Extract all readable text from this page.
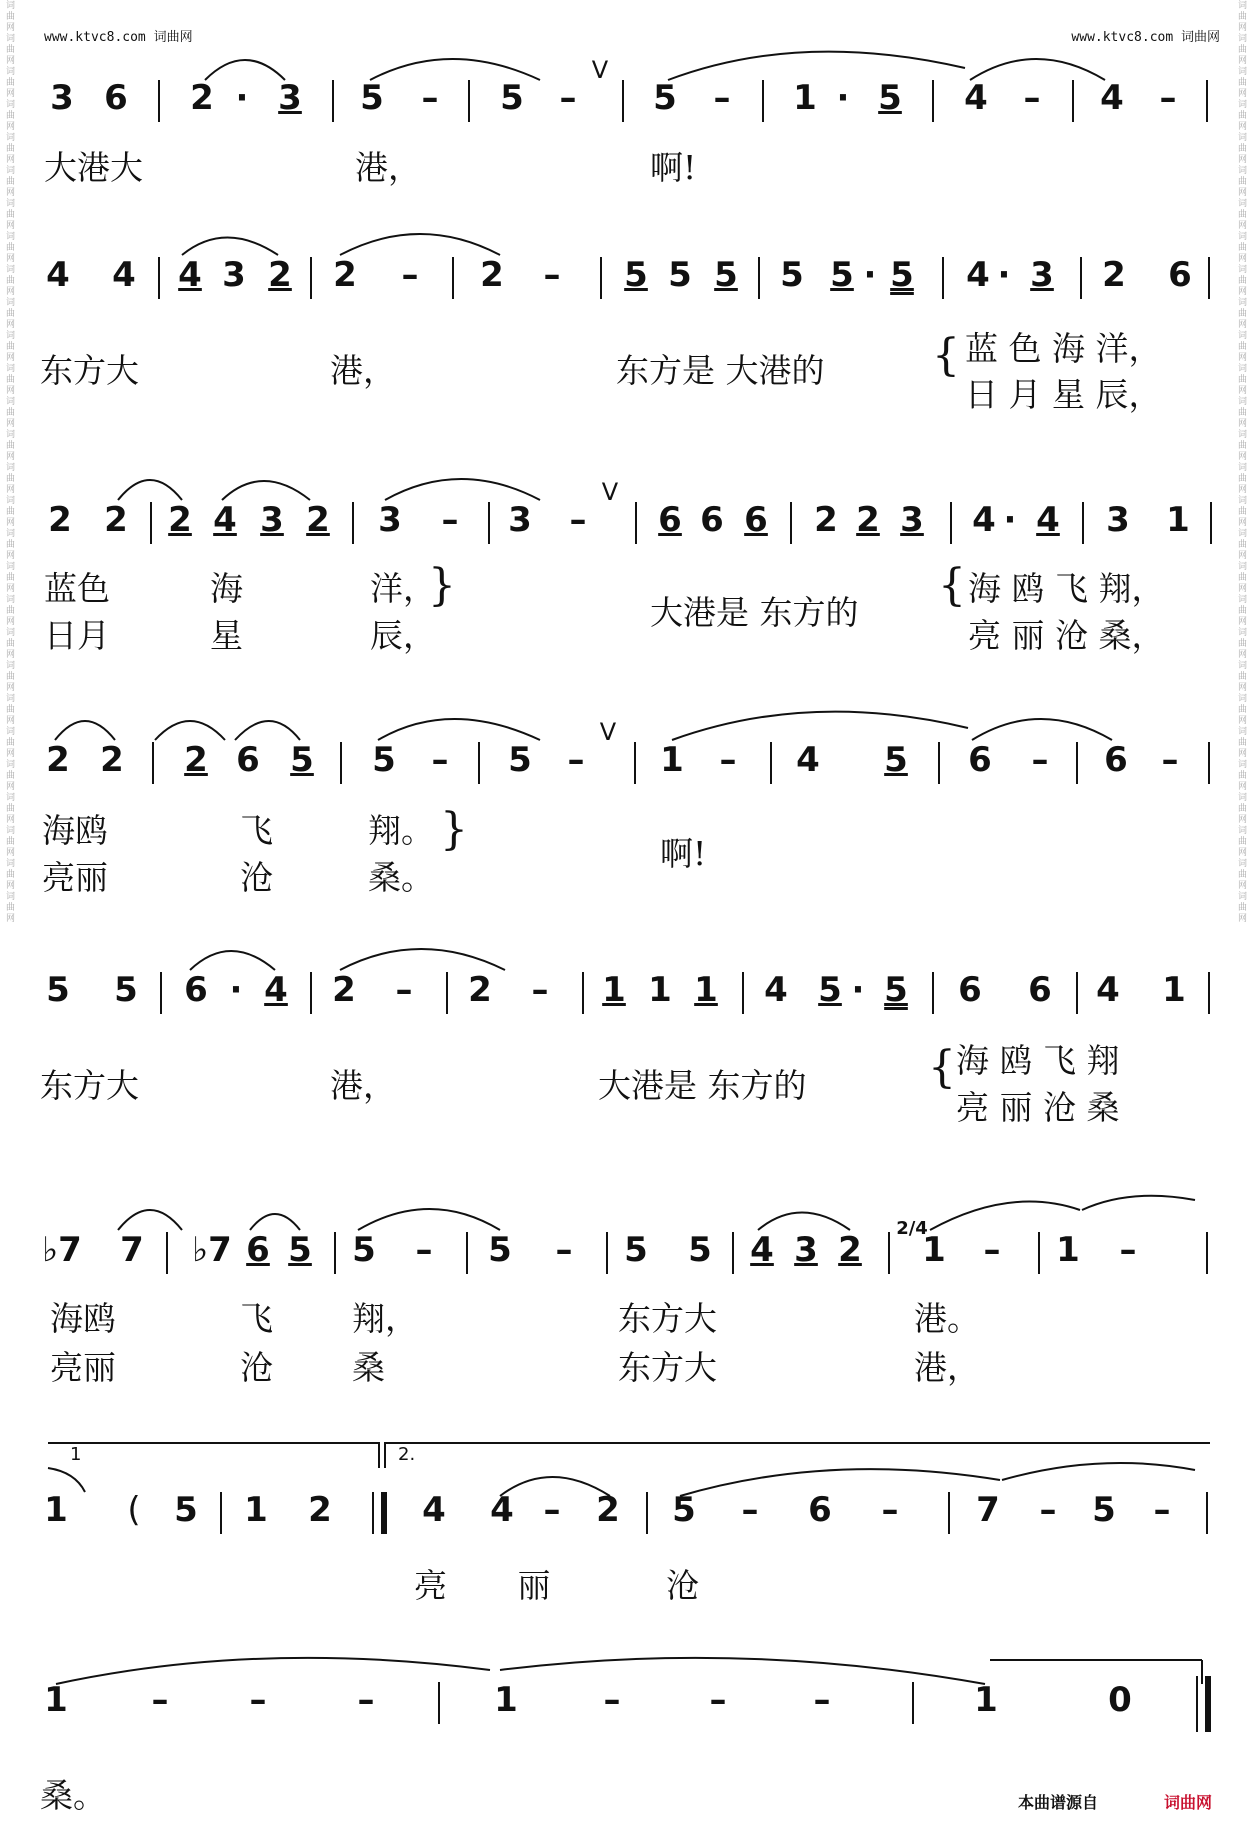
www.ktvc8.com 词曲网	www.ktvc8.com 词曲网
词曲网词曲网词曲网词曲网词曲网词曲网词曲网词曲网词曲网词曲网词曲网词曲网词曲网词曲网词曲网词曲网词曲网词曲网词曲网词曲网词曲网词曲网词曲网词曲网词曲网词曲网词曲网词曲网	词曲网词曲网词曲网词曲网词曲网词曲网词曲网词曲网词曲网词曲网词曲网词曲网词曲网词曲网词曲网词曲网词曲网词曲网词曲网词曲网词曲网词曲网词曲网词曲网词曲网词曲网词曲网词曲网
3 6 2 · 3 5 – 5 –
V
5 – 1 · 5 4 – 4 –
大港大	港，	啊!
4 4 4 3 2 2 – 2 – 5 5 5 5 5 · 5 4 · 3 2 6
东方大	港，	东方是 大港的 { 蓝 色 海 洋，
日 月 星 辰，
2 2 2 4 3 2 3 – 3 –
V
6 6 6 2 2 3 4 · 4 3 1
蓝色	海	洋，
日月	星	辰，
}
大港是 东方的
{ 海 鸥 飞 翔，
亮 丽 沧 桑，
2 2 2 6 5 5 – 5 –
V
1 – 4 5 6 – 6 –
海鸥	飞	翔。
亮丽	沧	桑。
}	啊!
5 5 6 · 4 2 – 2 – 1 1 1 4 5 · 5 6 6 4 1
东方大	港，	大港是 东方的	{ 海 鸥 飞 翔
亮 丽 沧 桑
♭7 7 ♭7 6 5 5 – 5 – 5 5 4 3 2
2/4
1 – 1 –
海鸥	飞 翔，	东方大	港。
亮丽	沧 桑	东方大	港，
1	2.
1 ( 5 1 2	4 4 – 2 5 – 6 – 7 – 5 –
亮 丽	沧
1 – –	–	1	–	–	–	1	0
桑。	本曲谱源自	词曲网
